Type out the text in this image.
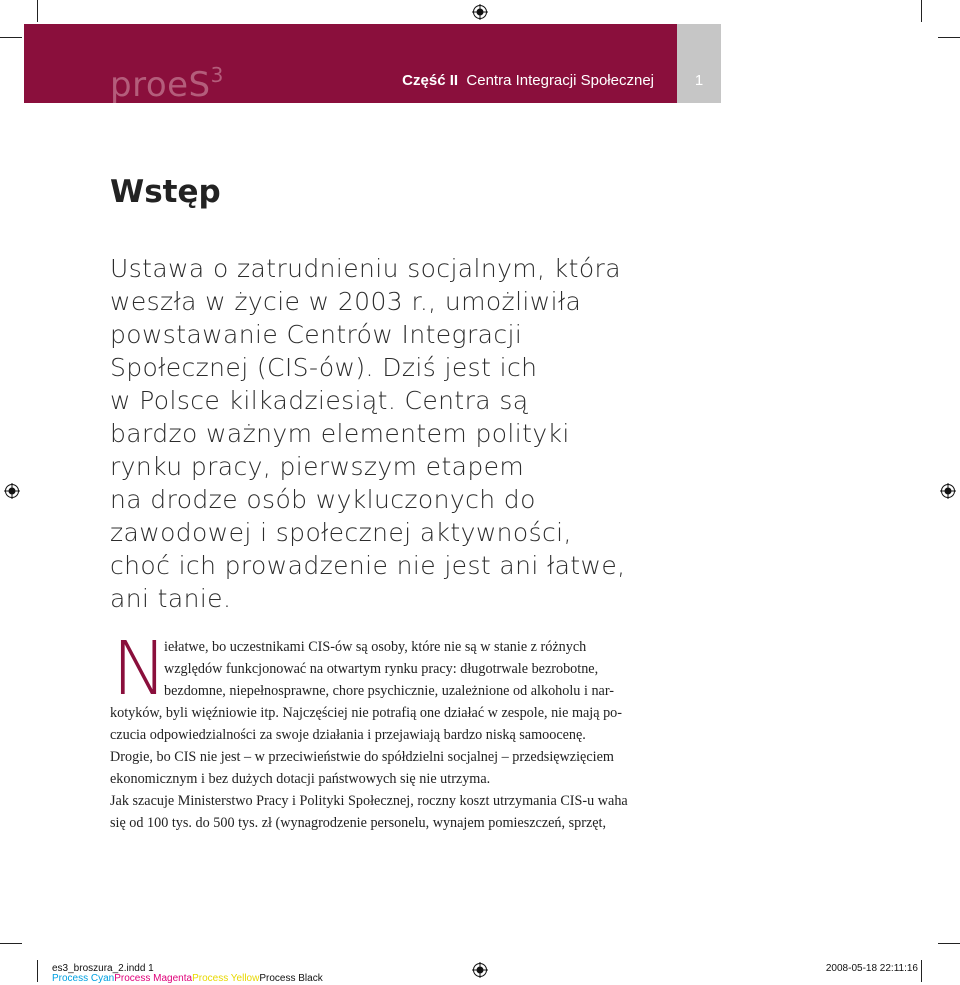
proeS$^3$	Część II Centra Integracji Społecznej	1
Wstęp
Ustawa o zatrudnieniu socjalnym, która
weszła w życie w 2003 r., umożliwiła
powstawanie Centrów Integracji
Społecznej (CIS-ów). Dziś jest ich
w Polsce kilkadziesiąt. Centra są
bardzo ważnym elementem polityki
rynku pracy, pierwszym etapem
na drodze osób wykluczonych do
zawodowej i społecznej aktywności,
choć ich prowadzenie nie jest ani łatwe,
ani tanie.
N
iełatwe, bo uczestnikami CIS-ów są osoby, które nie są w stanie z różnych
względów funkcjonować na otwartym rynku pracy: długotrwale bezrobotne,
bezdomne, niepełnosprawne, chore psychicznie, uzależnione od alkoholu i nar-
kotyków, byli więźniowie itp. Najczęściej nie potrafią one działać w zespole, nie mają po-
czucia odpowiedzialności za swoje działania i przejawiają bardzo niską samoocenę.
Drogie, bo CIS nie jest – w przeciwieństwie do spółdzielni socjalnej – przedsięwzięciem
ekonomicznym i bez dużych dotacji państwowych się nie utrzyma.
Jak szacuje Ministerstwo Pracy i Polityki Społecznej, roczny koszt utrzymania CIS-u waha
się od 100 tys. do 500 tys. zł (wynagrodzenie personelu, wynajem pomieszczeń, sprzęt,
es3_broszura_2.indd 1
Process CyanProcess MagentaProcess YellowProcess Black
2008-05-18 22:11:16
